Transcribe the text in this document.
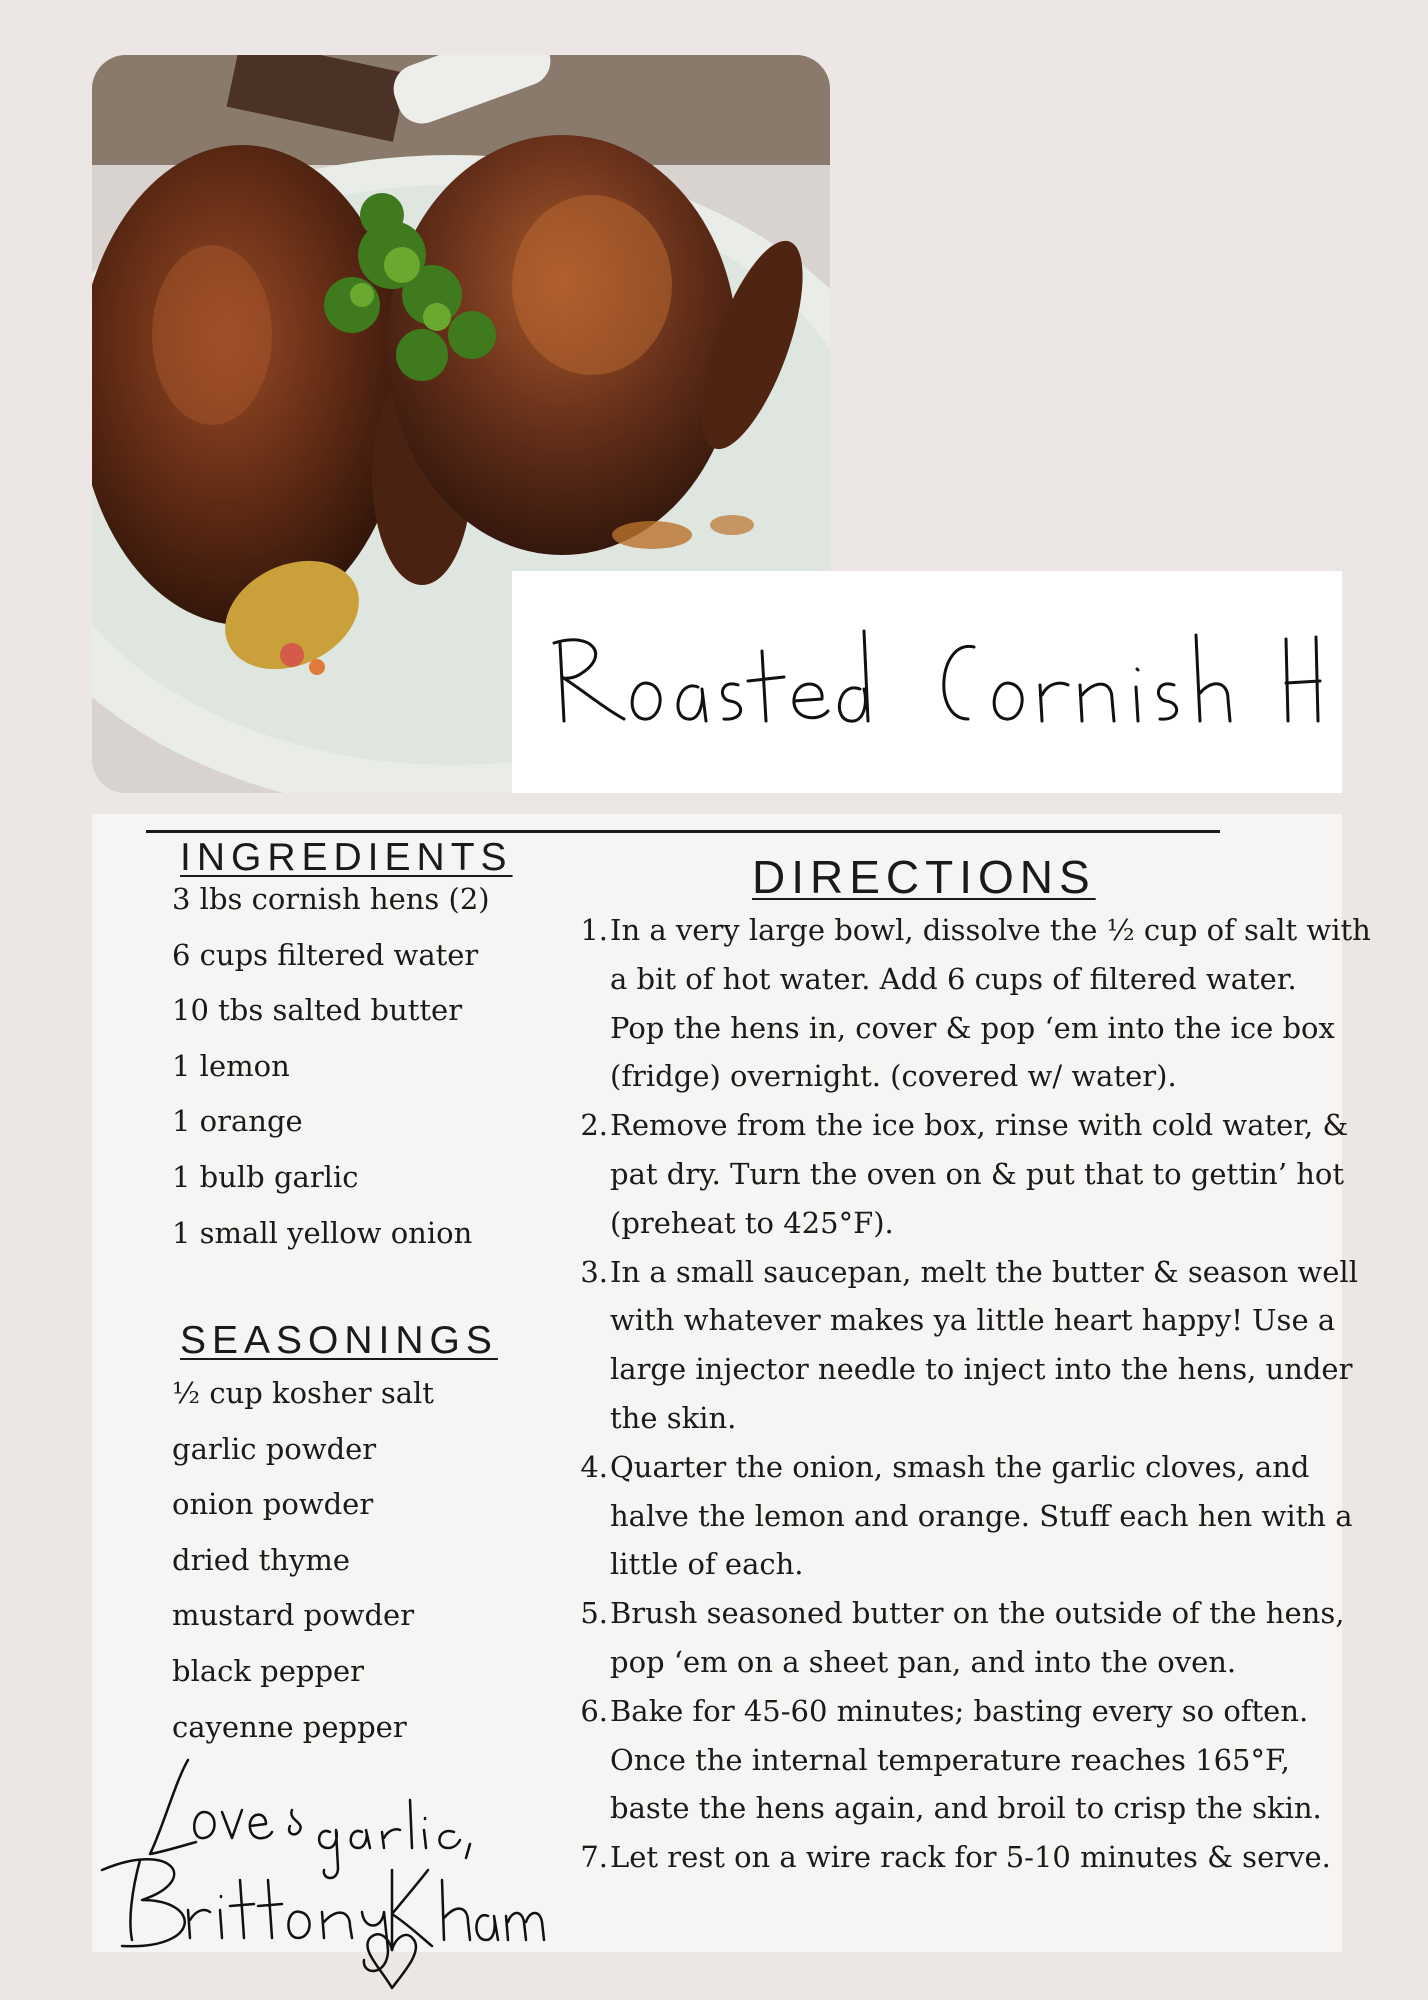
INGREDIENTS
3 lbs cornish hens (2)
6 cups filtered water
10 tbs salted butter
1 lemon
1 orange
1 bulb garlic
1 small yellow onion
SEASONINGS
½ cup kosher salt
garlic powder
onion powder
dried thyme
mustard powder
black pepper
cayenne pepper
DIRECTIONS
1. In a very large bowl, dissolve the ½ cup of salt with
a bit of hot water. Add 6 cups of filtered water.
Pop the hens in, cover & pop ‘em into the ice box
(fridge) overnight. (covered w/ water).
2. Remove from the ice box, rinse with cold water, &
pat dry. Turn the oven on & put that to gettin’ hot
(preheat to 425°F).
3. In a small saucepan, melt the butter & season well
with whatever makes ya little heart happy! Use a
large injector needle to inject into the hens, under
the skin.
4. Quarter the onion, smash the garlic cloves, and
halve the lemon and orange. Stuff each hen with a
little of each.
5. Brush seasoned butter on the outside of the hens,
pop ‘em on a sheet pan, and into the oven.
6. Bake for 45-60 minutes; basting every so often.
Once the internal temperature reaches 165°F,
baste the hens again, and broil to crisp the skin.
7. Let rest on a wire rack for 5-10 minutes & serve.
